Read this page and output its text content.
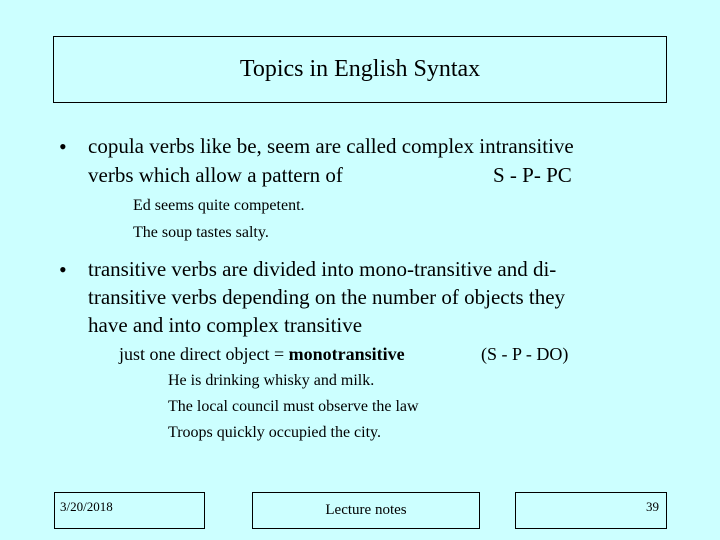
Topics in English Syntax
• copula verbs like be, seem are called complex intransitive
verbs which allow a pattern of	S - P- PC
Ed seems quite competent.
The soup tastes salty.
• transitive verbs are divided into mono-transitive and di-
transitive verbs depending on the number of objects they
have and into complex transitive
just one direct object = monotransitive	(S - P - DO)
He is drinking whisky and milk.
The local council must observe the law
Troops quickly occupied the city.
3/20/2018	Lecture notes	39
